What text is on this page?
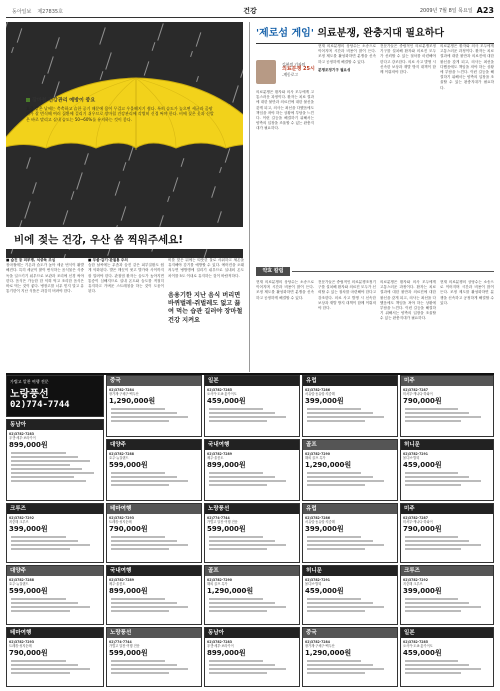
동아일보 제27835호	건강	2009년 7월 8일 목요일 A23
장마철 건강관리 예방이 중요
요즘 같은 날에는 축축하고 습한 공기 때문에 몸이 무겁고 우울해지기 쉽다. 특히 습도가 높으면 세균과 곰팡이가 잘 번식해 여러 질환에 걸리기 쉬우므로 장마철 건강관리에 각별히 신경 써야 한다. 비에 젖은 옷과 신발은 바로 말리고 실내 습도는 50~60%를 유지하는 것이 좋다.
비에 젖는 건강, 우산 씀 찍워주세요!
■ 습진 등 피부병, 식중독 조심
장마철에는 기온과 습도가 높아 세균 번식이 활발해진다. 특히 세균이 많이 번식하는 음식물은 식중독을 일으키기 쉬우므로 보관과 조리에 신경 써야 한다. 음식은 가능한 한 익혀 먹고 조리한 음식은 바로 먹는 것이 좋다. 냉장고를 너무 믿지 말고 유통기한이 지난 식품은 과감히 버려야 한다.
■ 무좀·감기·관절통 주의
습한 날씨에는 무좀과 습진 같은 피부질환도 쉽게 악화된다. 발은 깨끗이 씻고 발가락 사이까지 잘 말려야 한다. 관절염 환자는 습도가 높아지면 통증이 심해지므로 실내 온도와 습도를 적절히 유지하고 가벼운 스트레칭을 하는 것이 도움이 된다.
비를 맞은 뒤에는 따뜻한 물로 샤워하고 체온을 유지해야 감기를 예방할 수 있다. 에어컨을 오래 켜두면 냉방병에 걸리기 쉬우므로 실내외 온도 차이를 5도 이내로 유지하는 것이 바람직하다.
음용기한 지난 음식 버리면 바퀴벌레·쥐벌레도 없고 끓여 먹는 습관 길러야 장마철 건강 지켜요
'제로섬 게임' 의료분쟁, 완충지대 필요하다
김현정 기자의
의료분쟁 25시
-계동로그
의료분쟁은 환자와 의사 모두에게 고통스러운 과정이다. 환자는 치료 결과에 대한 불만과 의료진에 대한 불신을 갖게 되고, 의사는 최선을 다했음에도 책임을 져야 하는 상황에 부담을 느낀다. 이런 갈등을 해결하기 위해서는 양측의 입장을 조율할 수 있는 완충지대가 필요하다.
현재 의료분쟁의 상당수는 소송으로 이어지며 시간과 비용이 많이 든다. 조정 제도를 활성화하면 분쟁을 신속하고 공정하게 해결할 수 있다.
분쟁조정기구 필요성
전문가들은 중립적인 의료분쟁조정기구를 설치해 환자와 의료진 모두가 신뢰할 수 있는 절차를 마련해야 한다고 강조한다. 의료 사고 발생 시 신속한 보상과 재발 방지 대책이 함께 이뤄져야 한다.
의료분쟁은 환자와 의사 모두에게 고통스러운 과정이다. 환자는 치료 결과에 대한 불만과 의료진에 대한 불신을 갖게 되고, 의사는 최선을 다했음에도 책임을 져야 하는 상황에 부담을 느낀다. 이런 갈등을 해결하기 위해서는 양측의 입장을 조율할 수 있는 완충지대가 필요하다.
약효 칼럼
현재 의료분쟁의 상당수는 소송으로 이어지며 시간과 비용이 많이 든다. 조정 제도를 활성화하면 분쟁을 신속하고 공정하게 해결할 수 있다.
전문가들은 중립적인 의료분쟁조정기구를 설치해 환자와 의료진 모두가 신뢰할 수 있는 절차를 마련해야 한다고 강조한다. 의료 사고 발생 시 신속한 보상과 재발 방지 대책이 함께 이뤄져야 한다.
의료분쟁은 환자와 의사 모두에게 고통스러운 과정이다. 환자는 치료 결과에 대한 불만과 의료진에 대한 불신을 갖게 되고, 의사는 최선을 다했음에도 책임을 져야 하는 상황에 부담을 느낀다. 이런 갈등을 해결하기 위해서는 양측의 입장을 조율할 수 있는 완충지대가 필요하다.
현재 의료분쟁의 상당수는 소송으로 이어지며 시간과 비용이 많이 든다. 조정 제도를 활성화하면 분쟁을 신속하고 공정하게 해결할 수 있다.
가볍고 알찬 여행 전문
노랑풍선
02)774-7744
동남아
02)3782-7283
푸켓·세부·보라카이
899,000원
중국
02)3782-7284
장가계·구채구·백두산
1,290,000원
일본
02)3782-7285
오사카·도쿄·홋카이도
459,000원
유럽
02)3782-7286
서유럽·동유럽·지중해
399,000원
미주
02)3782-7287
미서부·캐나다·하와이
790,000원
대양주
02)3782-7288
호주·뉴질랜드
599,000원
국내여행
02)3782-7289
제주·울릉도
899,000원
골프
02)3782-7290
해외 골프 특가
1,290,000원
허니문
02)3782-7291
몰디브·발리
459,000원
크루즈
02)3782-7292
지중해 크루즈
399,000원
테마여행
02)3782-7293
트레킹·성지순례
790,000원
노랑풍선
02)774-7744
가볍고 알찬 여행 전문
599,000원
유럽
02)3782-7286
서유럽·동유럽·지중해
399,000원
미주
02)3782-7287
미서부·캐나다·하와이
790,000원
대양주
02)3782-7288
호주·뉴질랜드
599,000원
국내여행
02)3782-7289
제주·울릉도
899,000원
골프
02)3782-7290
해외 골프 특가
1,290,000원
허니문
02)3782-7291
몰디브·발리
459,000원
크루즈
02)3782-7292
지중해 크루즈
399,000원
테마여행
02)3782-7293
트레킹·성지순례
790,000원
노랑풍선
02)774-7744
가볍고 알찬 여행 전문
599,000원
동남아
02)3782-7283
푸켓·세부·보라카이
899,000원
중국
02)3782-7284
장가계·구채구·백두산
1,290,000원
일본
02)3782-7285
오사카·도쿄·홋카이도
459,000원
